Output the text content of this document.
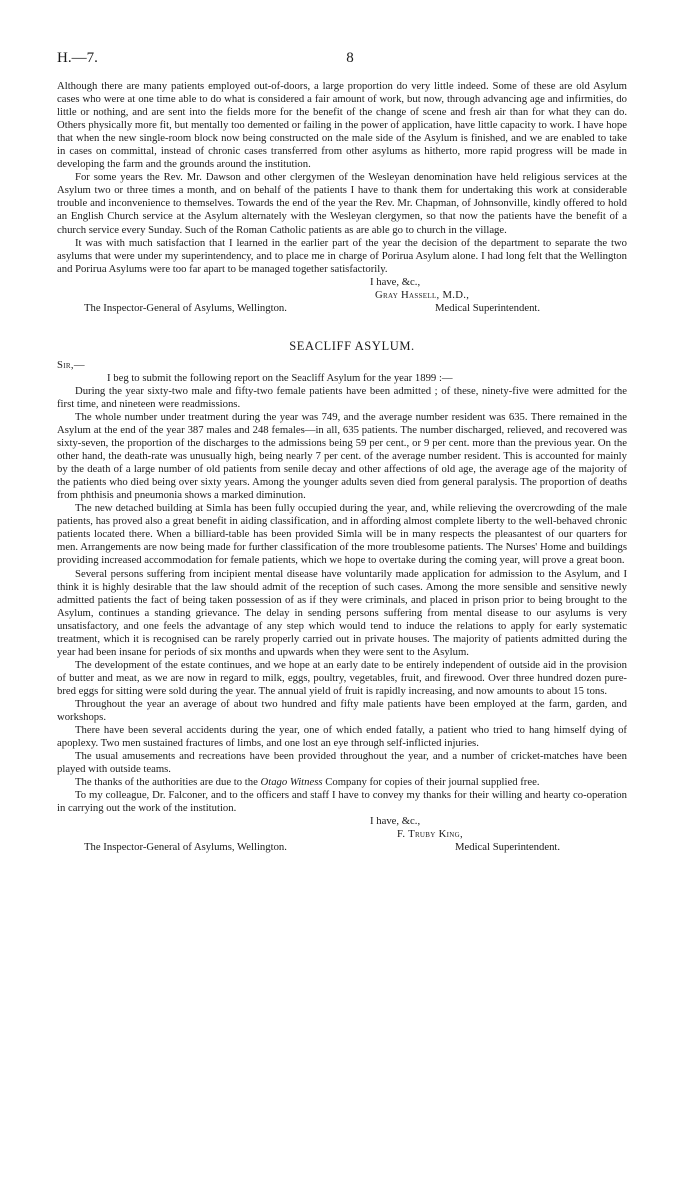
H.—7.	8

Although there are many patients employed out-of-doors, a large proportion do very little indeed. Some of these are old Asylum cases who were at one time able to do what is considered a fair amount of work, but now, through advancing age and infirmities, do little or nothing, and are sent into the fields more for the benefit of the change of scene and fresh air than for what they can do. Others physically more fit, but mentally too demented or failing in the power of application, have little capacity to work. I have hope that when the new single-room block now being constructed on the male side of the Asylum is finished, and we are enabled to take in cases on committal, instead of chronic cases transferred from other asylums as hitherto, more rapid progress will be made in developing the farm and the grounds around the institution.

For some years the Rev. Mr. Dawson and other clergymen of the Wesleyan denomination have held religious services at the Asylum two or three times a month, and on behalf of the patients I have to thank them for undertaking this work at considerable trouble and inconvenience to themselves. Towards the end of the year the Rev. Mr. Chapman, of Johnsonville, kindly offered to hold an English Church service at the Asylum alternately with the Wesleyan clergymen, so that now the patients have the benefit of a church service every Sunday. Such of the Roman Catholic patients as are able go to church in the village.

It was with much satisfaction that I learned in the earlier part of the year the decision of the department to separate the two asylums that were under my superintendency, and to place me in charge of Porirua Asylum alone. I had long felt that the Wellington and Porirua Asylums were too far apart to be managed together satisfactorily.

I have, &c.,
Gray Hassell, M.D.,
The Inspector-General of Asylums, Wellington.	Medical Superintendent.
SEACLIFF ASYLUM.

Sir,—

I beg to submit the following report on the Seacliff Asylum for the year 1899 :—

During the year sixty-two male and fifty-two female patients have been admitted ; of these, ninety-five were admitted for the first time, and nineteen were readmissions.

The whole number under treatment during the year was 749, and the average number resident was 635. There remained in the Asylum at the end of the year 387 males and 248 females—in all, 635 patients. The number discharged, relieved, and recovered was sixty-seven, the proportion of the discharges to the admissions being 59 per cent., or 9 per cent. more than the previous year. On the other hand, the death-rate was unusually high, being nearly 7 per cent. of the average number resident. This is accounted for mainly by the death of a large number of old patients from senile decay and other affections of old age, the average age of the majority of the patients who died being over sixty years. Among the younger adults seven died from general paralysis. The proportion of deaths from phthisis and pneumonia shows a marked diminution.

The new detached building at Simla has been fully occupied during the year, and, while relieving the overcrowding of the male patients, has proved also a great benefit in aiding classification, and in affording almost complete liberty to the well-behaved chronic patients located there. When a billiard-table has been provided Simla will be in many respects the pleasantest of our quarters for men. Arrangements are now being made for further classification of the more troublesome patients. The Nurses' Home and buildings providing increased accommodation for female patients, which we hope to overtake during the coming year, will prove a great boon.

Several persons suffering from incipient mental disease have voluntarily made application for admission to the Asylum, and I think it is highly desirable that the law should admit of the reception of such cases. Among the more sensible and sensitive newly admitted patients the fact of being taken possession of as if they were criminals, and placed in prison prior to being brought to the Asylum, continues a standing grievance. The delay in sending persons suffering from mental disease to our asylums is very unsatisfactory, and one feels the advantage of any step which would tend to induce the relations to apply for early systematic treatment, which it is recognised can be rarely properly carried out in private houses. The majority of patients admitted during the year had been insane for periods of six months and upwards when they were sent to the Asylum.

The development of the estate continues, and we hope at an early date to be entirely independent of outside aid in the provision of butter and meat, as we are now in regard to milk, eggs, poultry, vegetables, fruit, and firewood. Over three hundred dozen pure-bred eggs for sitting were sold during the year. The annual yield of fruit is rapidly increasing, and now amounts to about 15 tons.

Throughout the year an average of about two hundred and fifty male patients have been employed at the farm, garden, and workshops.

There have been several accidents during the year, one of which ended fatally, a patient who tried to hang himself dying of apoplexy. Two men sustained fractures of limbs, and one lost an eye through self-inflicted injuries.

The usual amusements and recreations have been provided throughout the year, and a number of cricket-matches have been played with outside teams.

The thanks of the authorities are due to the Otago Witness Company for copies of their journal supplied free.

To my colleague, Dr. Falconer, and to the officers and staff I have to convey my thanks for their willing and hearty co-operation in carrying out the work of the institution.

I have, &c.,
F. Truby King,
The Inspector-General of Asylums, Wellington.	Medical Superintendent.
